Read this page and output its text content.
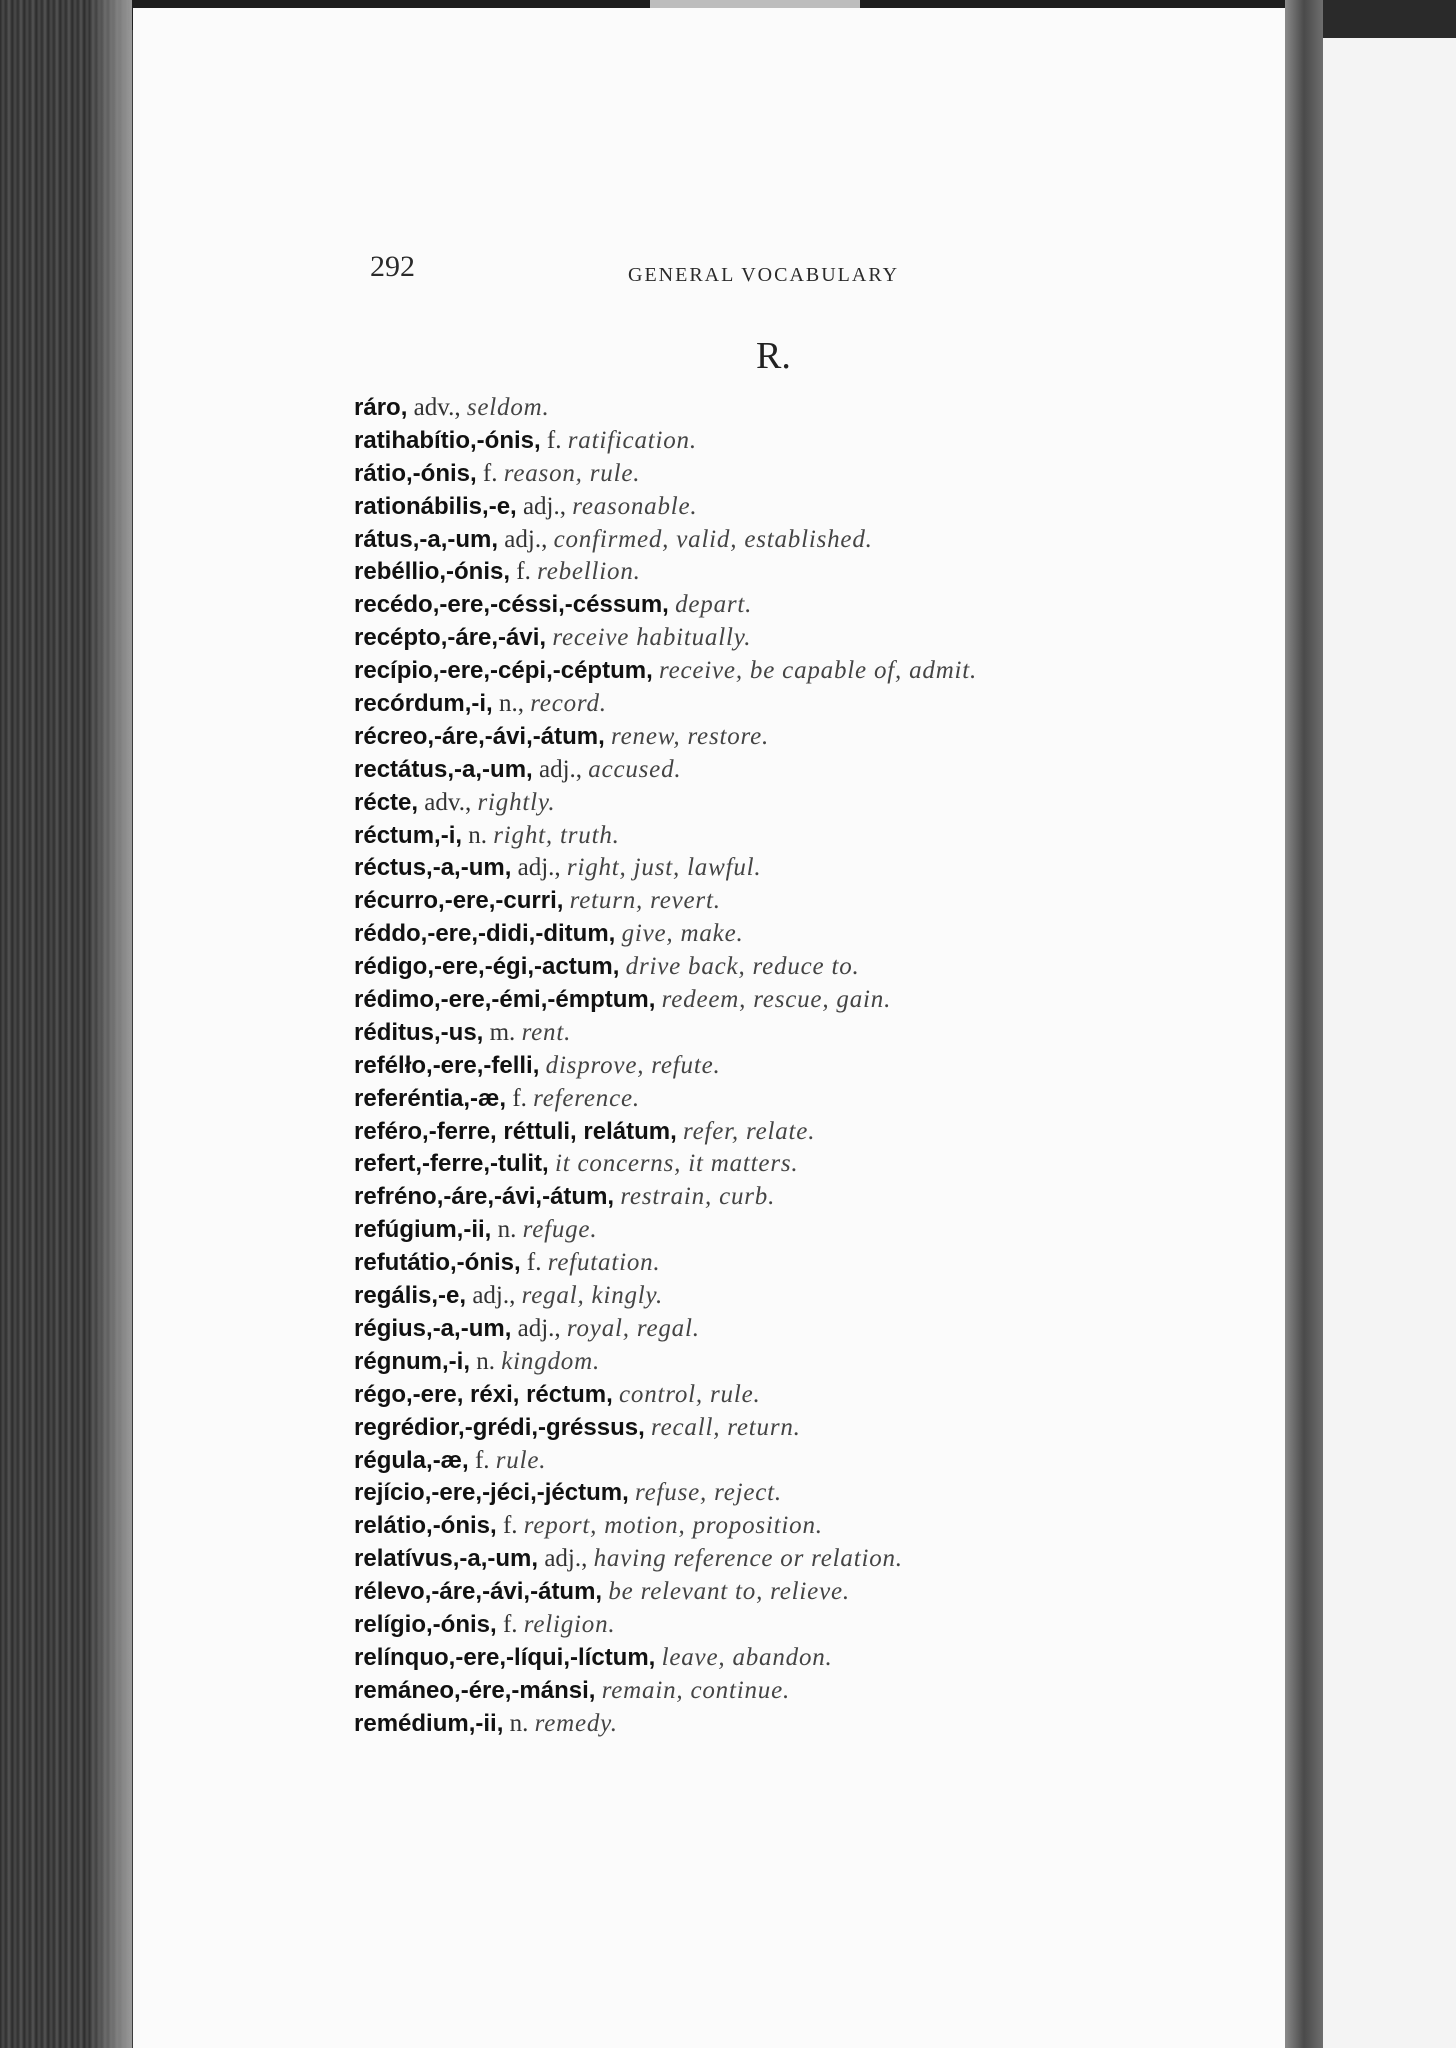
292	GENERAL VOCABULARY
R.
ráro, adv., seldom.
ratihabítio,-ónis, f. ratification.
rátio,-ónis, f. reason, rule.
rationábilis,-e, adj., reasonable.
rátus,-a,-um, adj., confirmed, valid, established.
rebéllio,-ónis, f. rebellion.
recédo,-ere,-céssi,-céssum, depart.
recépto,-áre,-ávi, receive habitually.
recípio,-ere,-cépi,-céptum, receive, be capable of, admit.
recórdum,-i, n., record.
récreo,-áre,-ávi,-átum, renew, restore.
rectátus,-a,-um, adj., accused.
récte, adv., rightly.
réctum,-i, n. right, truth.
réctus,-a,-um, adj., right, just, lawful.
récurro,-ere,-curri, return, revert.
réddo,-ere,-didi,-ditum, give, make.
rédigo,-ere,-égi,-actum, drive back, reduce to.
rédimo,-ere,-émi,-émptum, redeem, rescue, gain.
réditus,-us, m. rent.
refélło,-ere,-felli, disprove, refute.
referéntia,-æ, f. reference.
reféro,-ferre, réttuli, relátum, refer, relate.
refert,-ferre,-tulit, it concerns, it matters.
refréno,-áre,-ávi,-átum, restrain, curb.
refúgium,-ii, n. refuge.
refutátio,-ónis, f. refutation.
regális,-e, adj., regal, kingly.
régius,-a,-um, adj., royal, regal.
régnum,-i, n. kingdom.
régo,-ere, réxi, réctum, control, rule.
regrédior,-grédi,-gréssus, recall, return.
régula,-æ, f. rule.
rejício,-ere,-jéci,-jéctum, refuse, reject.
relátio,-ónis, f. report, motion, proposition.
relatívus,-a,-um, adj., having reference or relation.
rélevo,-áre,-ávi,-átum, be relevant to, relieve.
relígio,-ónis, f. religion.
relínquo,-ere,-líqui,-líctum, leave, abandon.
remáneo,-ére,-mánsi, remain, continue.
remédium,-ii, n. remedy.
